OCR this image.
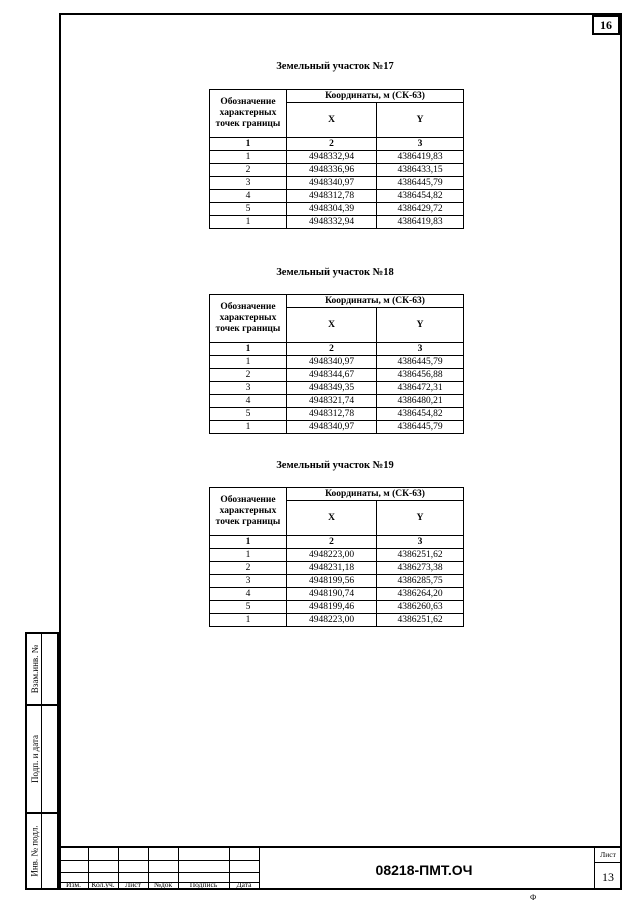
16
Земельный участок №17
Обозначение характерных точек границы	Координаты, м (СК-63)	
	X	Y
1	2	3
1	4948332,94	4386419,83
2	4948336,96	4386433,15
3	4948340,97	4386445,79
4	4948312,78	4386454,82
5	4948304,39	4386429,72
1	4948332,94	4386419,83
Земельный участок №18
Обозначение характерных точек границы	Координаты, м (СК-63)	
	X	Y
1	2	3
1	4948340,97	4386445,79
2	4948344,67	4386456,88
3	4948349,35	4386472,31
4	4948321,74	4386480,21
5	4948312,78	4386454,82
1	4948340,97	4386445,79
Земельный участок №19
Обозначение характерных точек границы	Координаты, м (СК-63)	
	X	Y
1	2	3
1	4948223,00	4386251,62
2	4948231,18	4386273,38
3	4948199,56	4386285,75
4	4948190,74	4386264,20
5	4948199,46	4386260,63
1	4948223,00	4386251,62
Взам.инв. №
Подп. и дата
Инв. № подл.
Изм.	Кол.уч.	Лист	№док	Подпись	Дата
08218-ПМТ.ОЧ
Лист
13
Ф
